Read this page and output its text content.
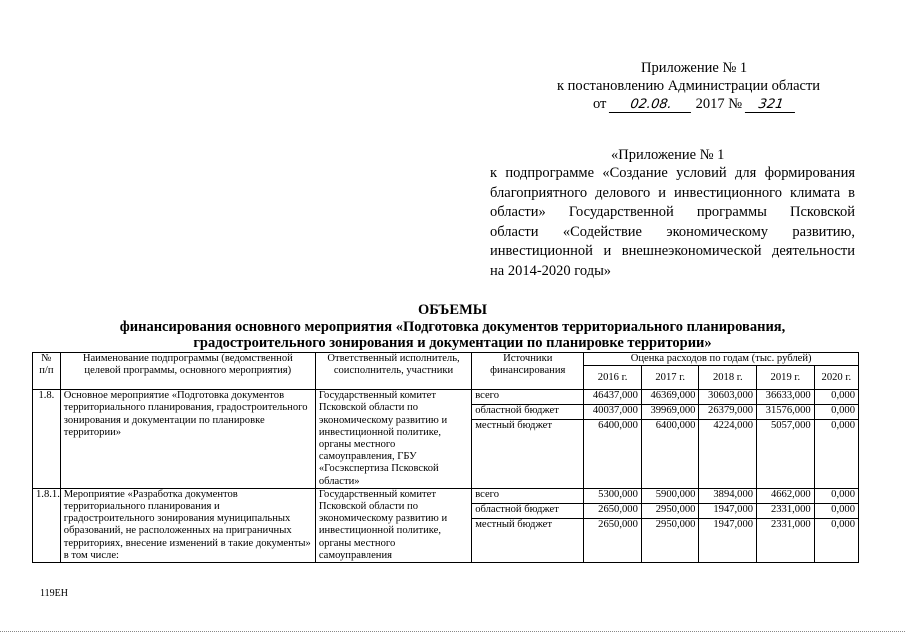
Приложение № 1
к постановлению Администрации области
от 02.08. 2017 № 321
«Приложение № 1
к подпрограмме «Создание условий для формирования
благоприятного делового и инвестиционного климата в
области» Государственной программы Псковской
области «Содействие экономическому развитию,
инвестиционной и внешнеэкономической деятельности
на 2014-2020 годы»
ОБЪЕМЫ
финансирования основного мероприятия «Подготовка документов территориального планирования,
градостроительного зонирования и документации по планировке территории»
№ п/п	Наименование подпрограммы (ведомственной целевой программы, основного мероприятия)	Ответственный исполнитель, соисполнитель, участники	Источники финансирования	Оценка расходов по годам (тыс. рублей)				
				2016 г.	2017 г.	2018 г.	2019 г.	2020 г.
1.8.	Основное мероприятие «Подготовка документов территориального планирования, градостроительного зонирования и документации по планировке территории»	Государственный комитет Псковской области по экономическому развитию и инвестиционной политике, органы местного самоуправления, ГБУ «Госэкспертиза Псковской области»	всего	46437,000	46369,000	30603,000	36633,000	0,000
			областной бюджет	40037,000	39969,000	26379,000	31576,000	0,000
			местный бюджет	6400,000	6400,000	4224,000	5057,000	0,000
1.8.1.	Мероприятие «Разработка документов территориального планирования и градостроительного зонирования муниципальных образований, не расположенных на приграничных территориях, внесение изменений в такие документы» в том числе:	Государственный комитет Псковской области по экономическому развитию и инвестиционной политике, органы местного самоуправления	всего	5300,000	5900,000	3894,000	4662,000	0,000
			областной бюджет	2650,000	2950,000	1947,000	2331,000	0,000
			местный бюджет	2650,000	2950,000	1947,000	2331,000	0,000
119ЕН
